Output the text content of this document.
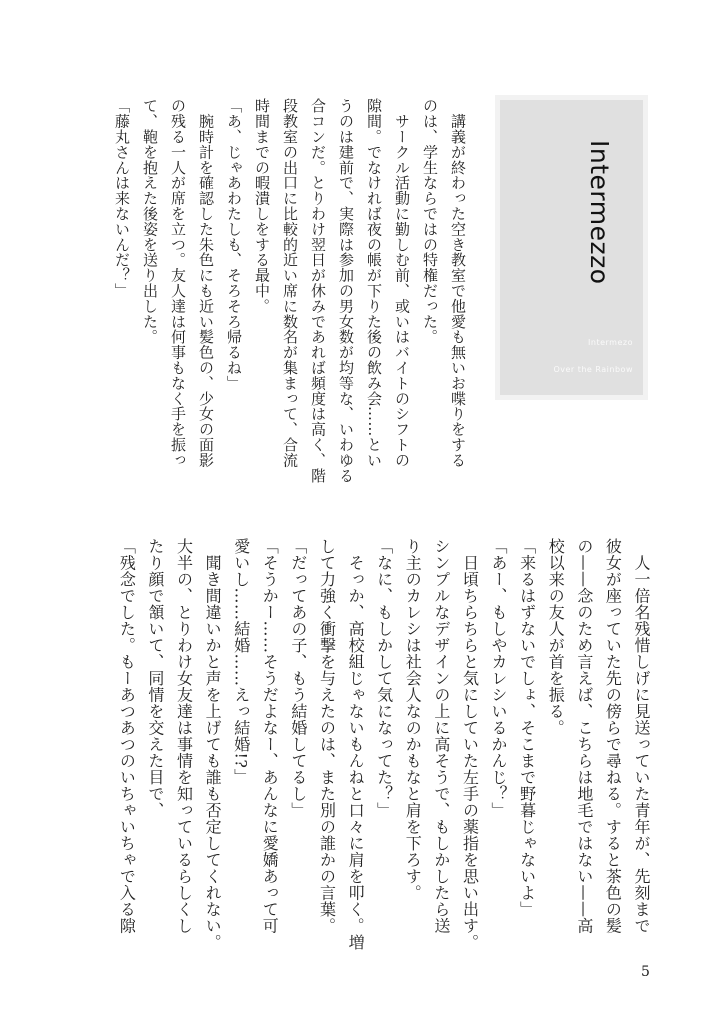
Intermezzo
Intermezo
Over the Rainbow
　講義が終わった空き教室で他愛も無いお喋りをする
のは、学生ならではの特権だった。
　サークル活動に勤しむ前、或いはバイトのシフトの
隙間。でなければ夜の帳が下りた後の飲み会……とい
うのは建前で、実際は参加の男女数が均等な、いわゆる
合コンだ。とりわけ翌日が休みであれば頻度は高く、階
段教室の出口に比較的近い席に数名が集まって、合流
時間までの暇潰しをする最中。
「あ、じゃあわたしも、そろそろ帰るね」
　腕時計を確認した朱色にも近い髪色の、少女の面影
の残る一人が席を立つ。友人達は何事もなく手を振っ
て、鞄を抱えた後姿を送り出した。
「藤丸さんは来ないんだ？」
　人一倍名残惜しげに見送っていた青年が、先刻まで
彼女が座っていた先の傍らで尋ねる。すると茶色の髪
の——念のため言えば、こちらは地毛ではない——高
校以来の友人が首を振る。
「来るはずないでしょ、そこまで野暮じゃないよ」
「あー、もしやカレシいるかんじ？」
　日頃ちらちらと気にしていた左手の薬指を思い出す。
シンプルなデザインの上に高そうで、もしかしたら送
り主のカレシは社会人なのかもなと肩を下ろす。
「なに、もしかして気になってた？」
　そっか、高校組じゃないもんねと口々に肩を叩く。増
して力強く衝撃を与えたのは、また別の誰かの言葉。
「だってあの子、もう結婚してるし」
「そうかー……そうだよなー、あんなに愛嬌あって可
愛いし……結婚……えっ結婚!?」
　聞き間違いかと声を上げても誰も否定してくれない。
大半の、とりわけ女友達は事情を知っているらしくし
たり顔で頷いて、同情を交えた目で、
「残念でした。もーあつあつのいちゃいちゃで入る隙
5
